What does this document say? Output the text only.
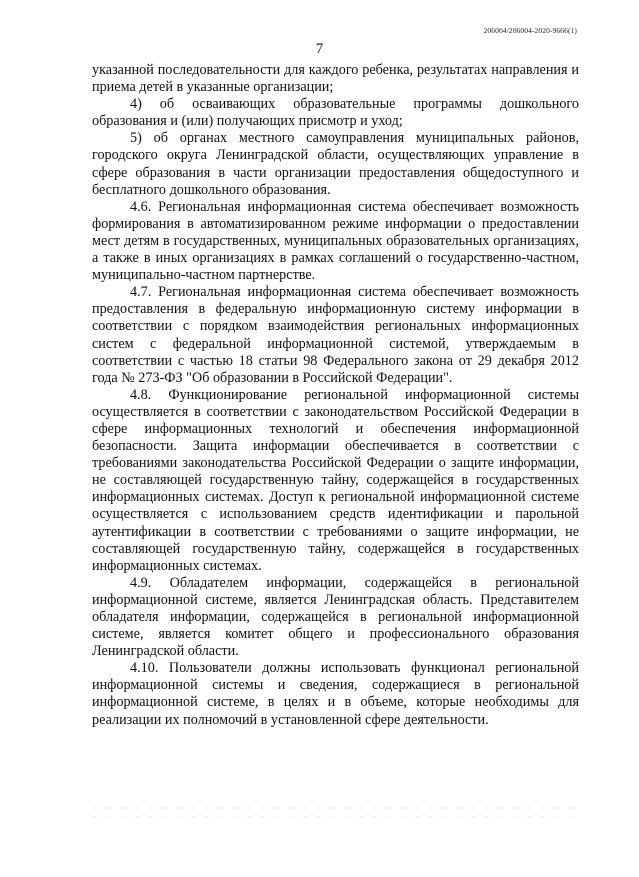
206004/206004-2020-9666(1)
7

указанной последовательности для каждого ребенка, результатах направления и приема детей в указанные организации;

4) об осваивающих образовательные программы дошкольного образования и (или) получающих присмотр и уход;

5) об органах местного самоуправления муниципальных районов, городского округа Ленинградской области, осуществляющих управление в сфере образования в части организации предоставления общедоступного и бесплатного дошкольного образования.

4.6. Региональная информационная система обеспечивает возможность формирования в автоматизированном режиме информации о предоставлении мест детям в государственных, муниципальных образовательных организациях, а также в иных организациях в рамках соглашений о государственно-частном, муниципально-частном партнерстве.

4.7. Региональная информационная система обеспечивает возможность предоставления в федеральную информационную систему информации в соответствии с порядком взаимодействия региональных информационных систем с федеральной информационной системой, утверждаемым в соответствии с частью 18 статьи 98 Федерального закона от 29 декабря 2012 года № 273-ФЗ "Об образовании в Российской Федерации".

4.8. Функционирование региональной информационной системы осуществляется в соответствии с законодательством Российской Федерации в сфере информационных технологий и обеспечения информационной безопасности. Защита информации обеспечивается в соответствии с требованиями законодательства Российской Федерации о защите информации, не составляющей государственную тайну, содержащейся в государственных информационных системах. Доступ к региональной информационной системе осуществляется с использованием средств идентификации и парольной аутентификации в соответствии с требованиями о защите информации, не составляющей государственную тайну, содержащейся в государственных информационных системах.

4.9. Обладателем информации, содержащейся в региональной информационной системе, является Ленинградская область. Представителем обладателя информации, содержащейся в региональной информационной системе, является комитет общего и профессионального образования Ленинградской области.

4.10. Пользователи должны использовать функционал региональной информационной системы и сведения, содержащиеся в региональной информационной системе, в целях и в объеме, которые необходимы для реализации их полномочий в установленной сфере деятельности.
